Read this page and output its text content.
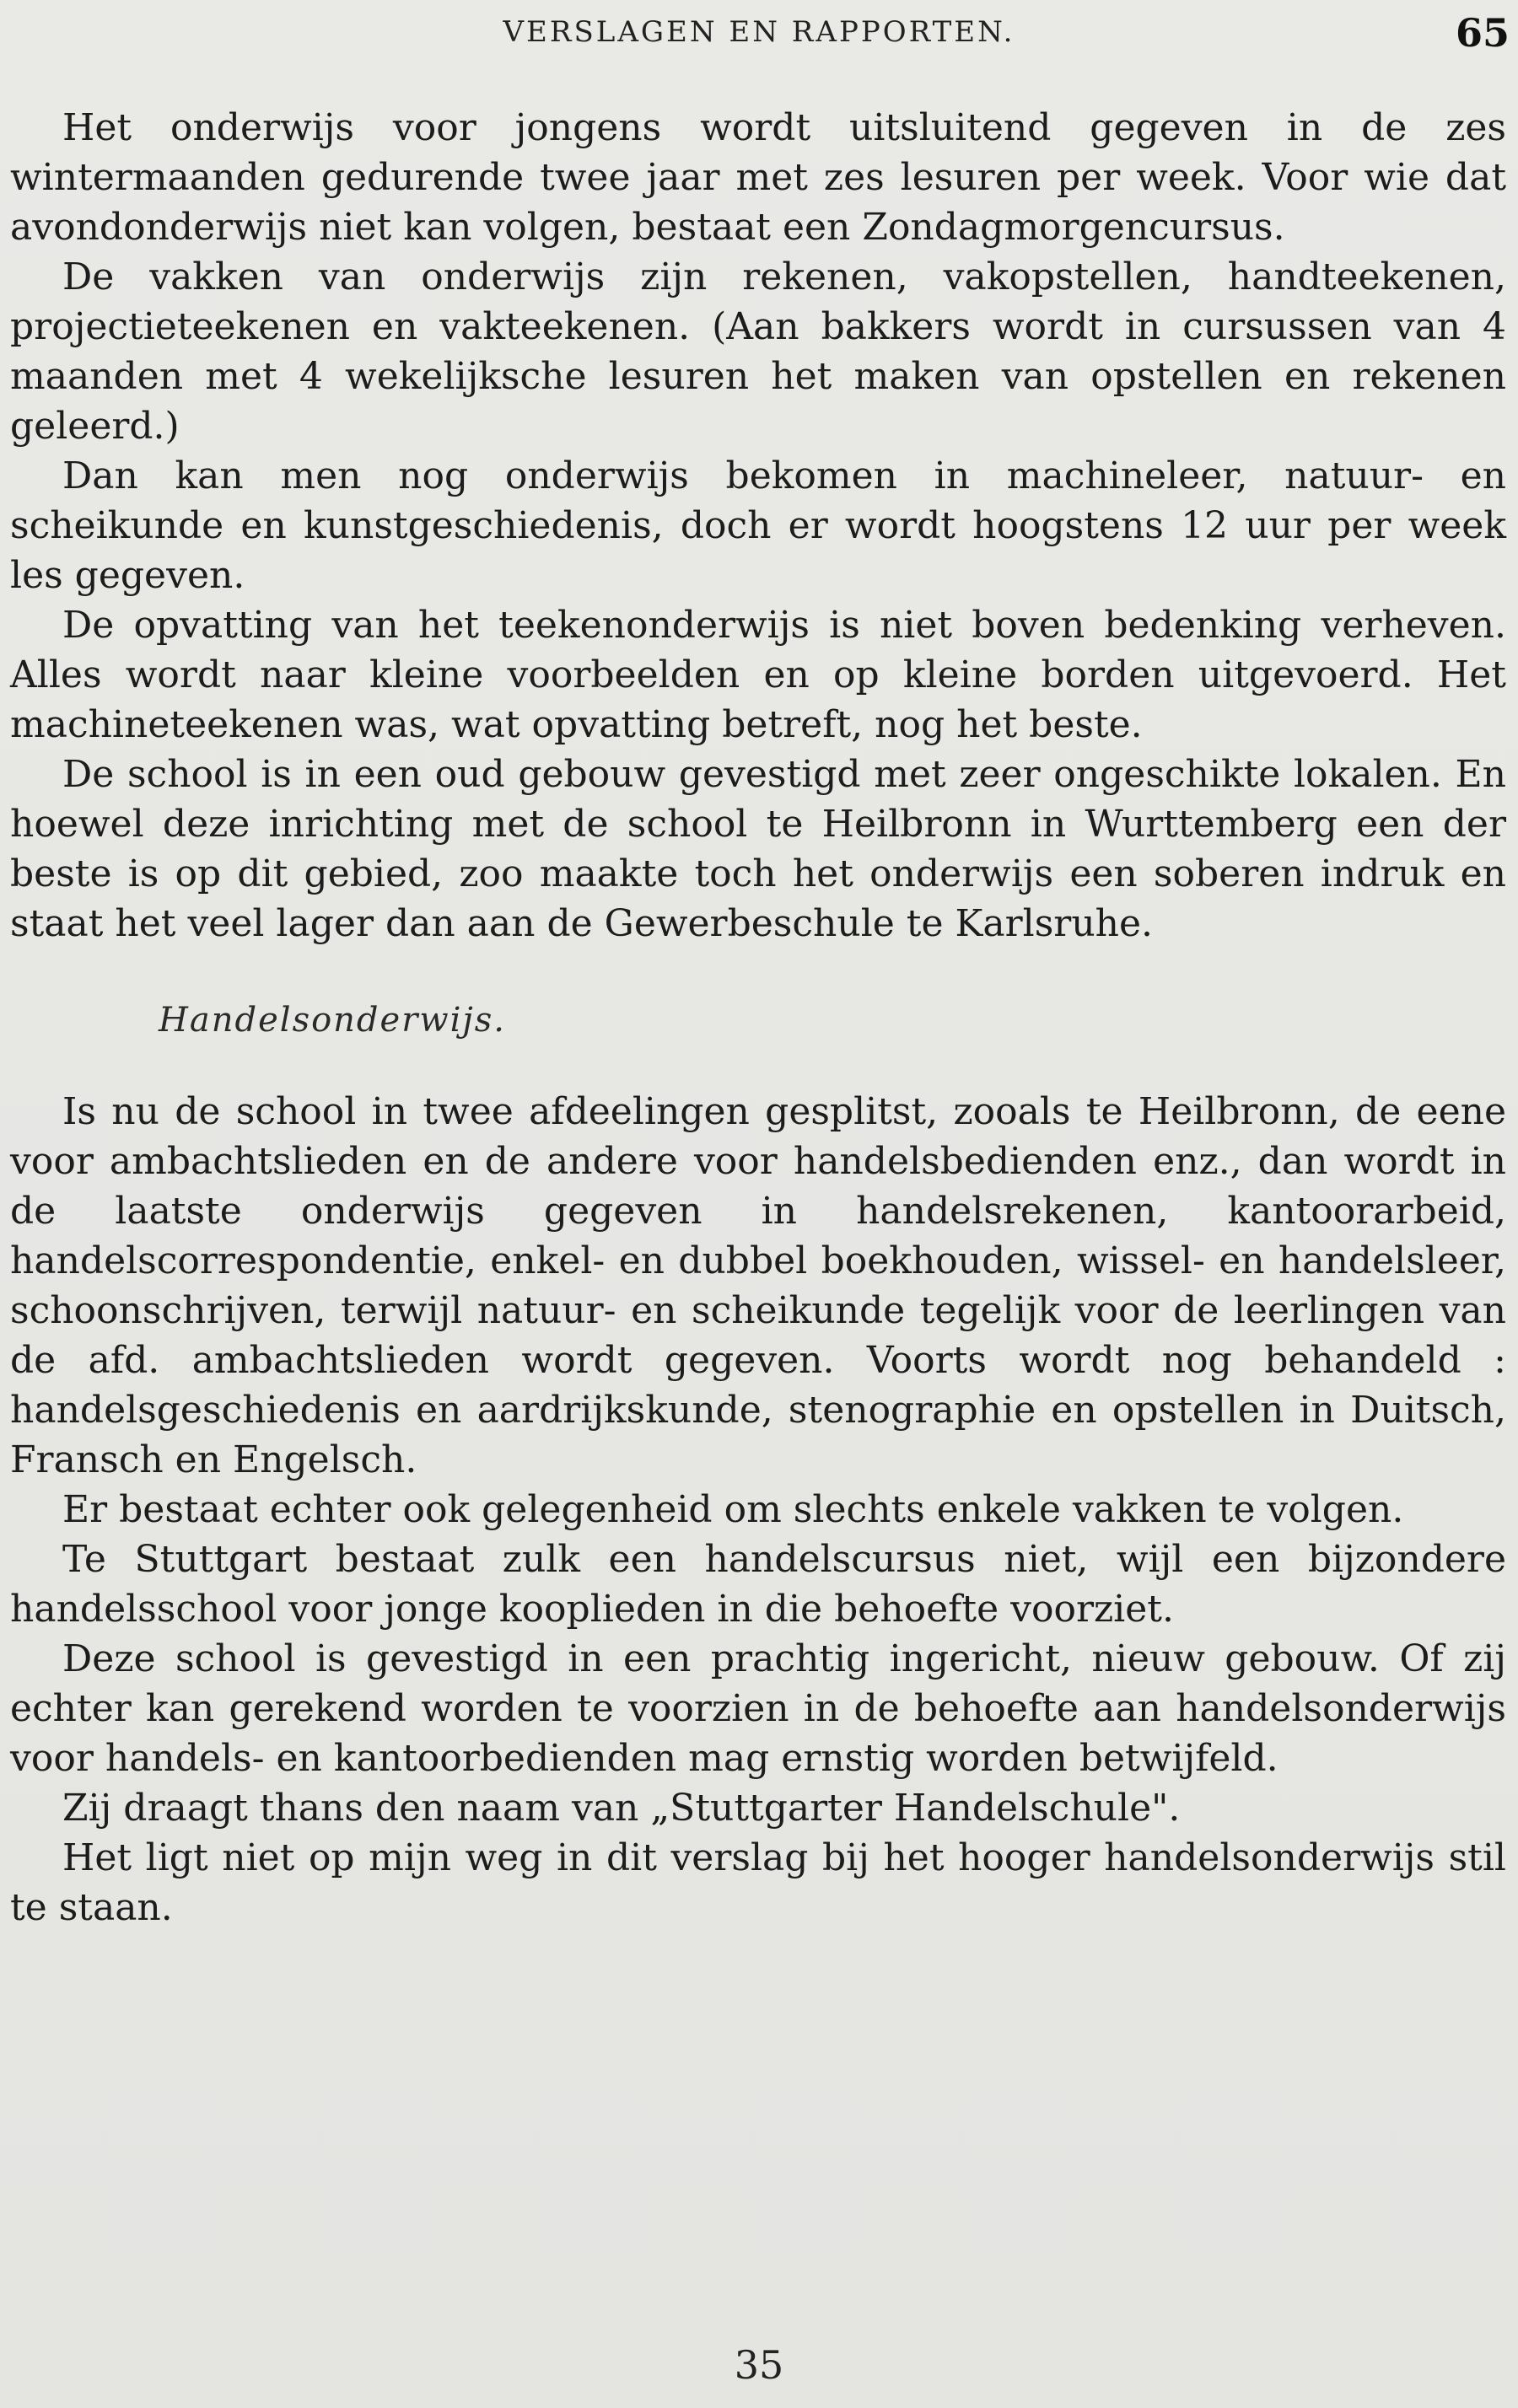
VERSLAGEN EN RAPPORTEN.	65

Het onderwijs voor jongens wordt uitsluitend gegeven in de zes wintermaanden gedurende twee jaar met zes lesuren per week. Voor wie dat avondonderwijs niet kan volgen, bestaat een Zondagmorgencursus.

De vakken van onderwijs zijn rekenen, vakopstellen, handteekenen, projectieteekenen en vakteekenen. (Aan bakkers wordt in cursussen van 4 maanden met 4 wekelijksche lesuren het maken van opstellen en rekenen geleerd.)

Dan kan men nog onderwijs bekomen in machineleer, natuur- en scheikunde en kunstgeschiedenis, doch er wordt hoogstens 12 uur per week les gegeven.

De opvatting van het teekenonderwijs is niet boven bedenking verheven. Alles wordt naar kleine voorbeelden en op kleine borden uitgevoerd. Het machineteekenen was, wat opvatting betreft, nog het beste.

De school is in een oud gebouw gevestigd met zeer ongeschikte lokalen. En hoewel deze inrichting met de school te Heilbronn in Wurttemberg een der beste is op dit gebied, zoo maakte toch het onderwijs een soberen indruk en staat het veel lager dan aan de Gewerbeschule te Karlsruhe.

Handelsonderwijs.

Is nu de school in twee afdeelingen gesplitst, zooals te Heilbronn, de eene voor ambachtslieden en de andere voor handelsbedienden enz., dan wordt in de laatste onderwijs gegeven in handelsrekenen, kantoorarbeid, handelscorrespondentie, enkel- en dubbel boekhouden, wissel- en handelsleer, schoonschrijven, terwijl natuur- en scheikunde tegelijk voor de leerlingen van de afd. ambachtslieden wordt gegeven. Voorts wordt nog behandeld : handelsgeschiedenis en aardrijkskunde, stenographie en opstellen in Duitsch, Fransch en Engelsch.

Er bestaat echter ook gelegenheid om slechts enkele vakken te volgen.

Te Stuttgart bestaat zulk een handelscursus niet, wijl een bijzondere handelsschool voor jonge kooplieden in die behoefte voorziet.

Deze school is gevestigd in een prachtig ingericht, nieuw gebouw. Of zij echter kan gerekend worden te voorzien in de behoefte aan handelsonderwijs voor handels- en kantoorbedienden mag ernstig worden betwijfeld.

Zij draagt thans den naam van „Stuttgarter Handelschule".

Het ligt niet op mijn weg in dit verslag bij het hooger handelsonderwijs stil te staan.

35
